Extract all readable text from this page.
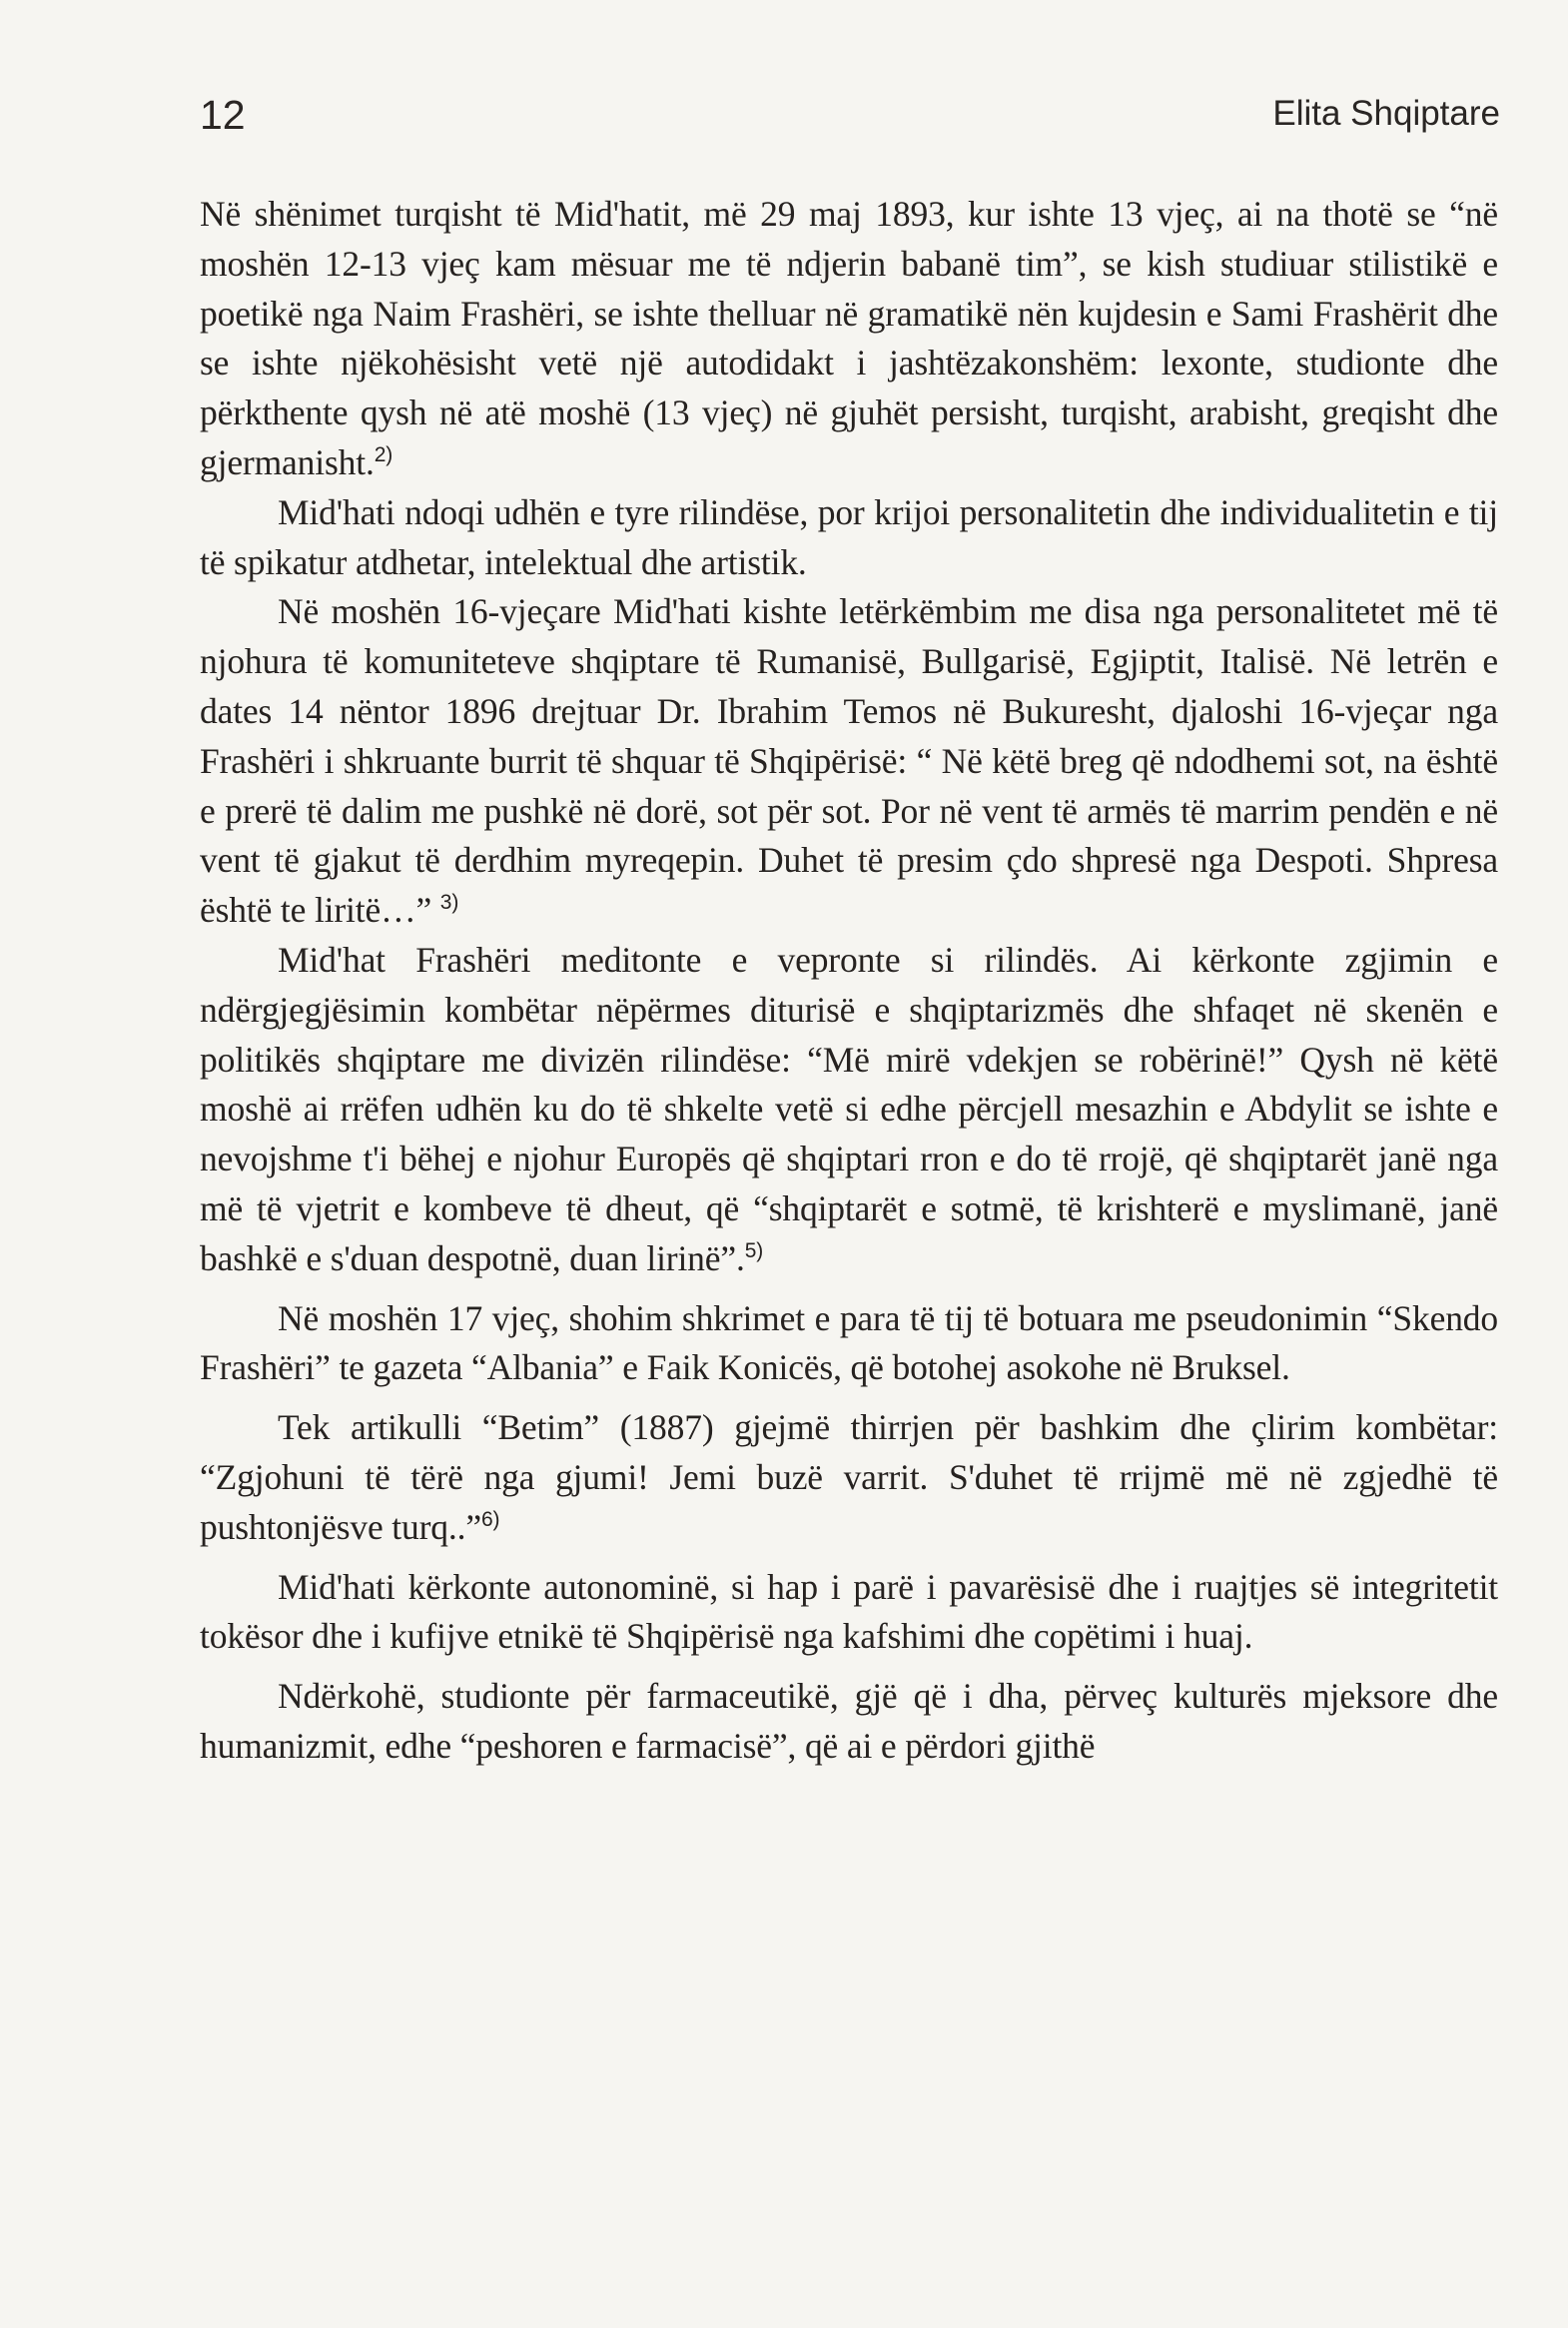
12	Elita Shqiptare

Në shënimet turqisht të Mid'hatit, më 29 maj 1893, kur ishte 13 vjeç, ai na thotë se “në moshën 12-13 vjeç kam mësuar me të ndjerin babanë tim”, se kish studiuar stilistikë e poetikë nga Naim Frashëri, se ishte thelluar në gramatikë nën kujdesin e Sami Frashërit dhe se ishte njëkohësisht vetë një autodidakt i jashtëzakonshëm: lexonte, studionte dhe përkthente qysh në atë moshë (13 vjeç) në gjuhët persisht, turqisht, arabisht, greqisht dhe gjermanisht.$^{2)}$

Mid'hati ndoqi udhën e tyre rilindëse, por krijoi personalitetin dhe individualitetin e tij të spikatur atdhetar, intelektual dhe artistik.

Në moshën 16-vjeçare Mid'hati kishte letërkëmbim me disa nga personalitetet më të njohura të komuniteteve shqiptare të Rumanisë, Bullgarisë, Egjiptit, Italisë. Në letrën e dates 14 nëntor 1896 drejtuar Dr. Ibrahim Temos në Bukuresht, djaloshi 16-vjeçar nga Frashëri i shkruante burrit të shquar të Shqipërisë: “ Në këtë breg që ndodhemi sot, na është e prerë të dalim me pushkë në dorë, sot për sot. Por në vent të armës të marrim pendën e në vent të gjakut të derdhim myreqepin. Duhet të presim çdo shpresë nga Despoti. Shpresa është te liritë…” $^{3)}$

Mid'hat Frashëri meditonte e vepronte si rilindës. Ai kërkonte zgjimin e ndërgjegjësimin kombëtar nëpërmes diturisë e shqiptarizmës dhe shfaqet në skenën e politikës shqiptare me divizën rilindëse: “Më mirë vdekjen se robërinë!” Qysh në këtë moshë ai rrëfen udhën ku do të shkelte vetë si edhe përcjell mesazhin e Abdylit se ishte e nevojshme t'i bëhej e njohur Europës që shqiptari rron e do të rrojë, që shqiptarët janë nga më të vjetrit e kombeve të dheut, që “shqiptarët e sotmë, të krishterë e myslimanë, janë bashkë e s'duan despotnë, duan lirinë”.$^{5)}$

Në moshën 17 vjeç, shohim shkrimet e para të tij të botuara me pseudonimin “Skendo Frashëri” te gazeta “Albania” e Faik Konicës, që botohej asokohe në Bruksel.

Tek artikulli “Betim” (1887) gjejmë thirrjen për bashkim dhe çlirim kombëtar: “Zgjohuni të tërë nga gjumi! Jemi buzë varrit. S'duhet të rrijmë më në zgjedhë të pushtonjësve turq..”$^{6)}$

Mid'hati kërkonte autonominë, si hap i parë i pavarësisë dhe i ruajtjes së integritetit tokësor dhe i kufijve etnikë të Shqipërisë nga kafshimi dhe copëtimi i huaj.

Ndërkohë, studionte për farmaceutikë, gjë që i dha, përveç kulturës mjeksore dhe humanizmit, edhe “peshoren e farmacisë”, që ai e përdori gjithë
